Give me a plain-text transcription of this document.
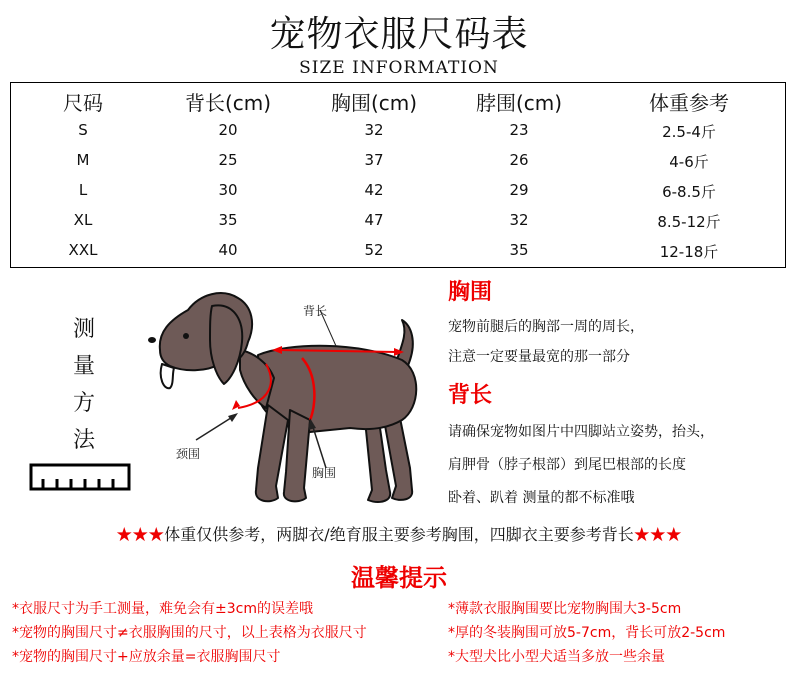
宠物衣服尺码表
SIZE INFORMATION
尺码	背长(cm)	胸围(cm)	脖围(cm)	体重参考
S	20	32	23	2.5-4斤
M	25	37	26	4-6斤
L	30	42	29	6-8.5斤
XL	35	47	32	8.5-12斤
XXL	40	52	35	12-18斤
测
量
方
法
背长
颈围
胸围
胸围
宠物前腿后的胸部一周的周长，
注意一定要量最宽的那一部分
背长
请确保宠物如图片中四脚站立姿势，抬头，
肩胛骨（脖子根部）到尾巴根部的长度
卧着、趴着 测量的都不标准哦
★★★体重仅供参考，两脚衣/绝育服主要参考胸围，四脚衣主要参考背长★★★
温馨提示
*衣服尺寸为手工测量，难免会有±3cm的误差哦
*宠物的胸围尺寸≠衣服胸围的尺寸，以上表格为衣服尺寸
*宠物的胸围尺寸+应放余量=衣服胸围尺寸
*薄款衣服胸围要比宠物胸围大3-5cm
*厚的冬装胸围可放5-7cm，背长可放2-5cm
*大型犬比小型犬适当多放一些余量
